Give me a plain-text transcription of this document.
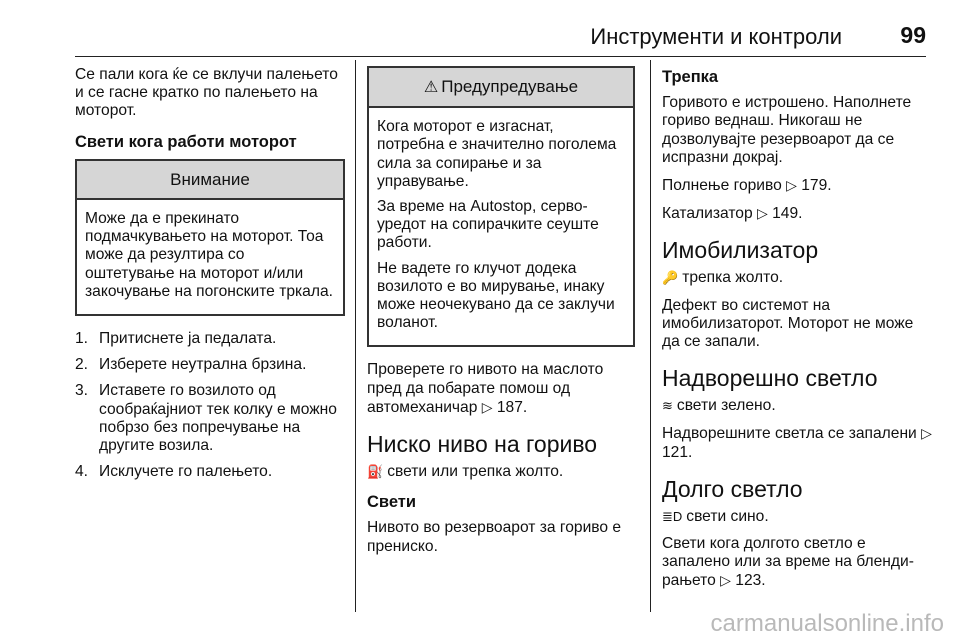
Инструменти и контроли	99

Се пали кога ќе се вклучи палењето и се гасне кратко по палењето на моторот.

Свети кога работи моторот
Внимание

Може да е прекинато подмачкувањето на моторот. Тоа може да резултира со оштетување на моторот и/или закочување на погонските тркала.

1. Притиснете ја педалата.
2. Изберете неутрална брзина.
3. Иставете го возилото од сообраќајниот тек колку е можно побрзо без попречување на другите возила.
4. Исклучете го палењето.
⚠ Предупредување

Кога моторот е изгаснат, потребна е значително поголема сила за сопирање и за управување.

За време на Autostop, серво-уредот на сопирачките сеуште работи.

Не вадете го клучот додека возилото е во мирување, инаку може неочекувано да се заклучи воланот.

Проверете го нивото на маслото пред да побарате помош од автомеханичар ▷ 187.

Ниско ниво на гориво

⛽ свети или трепка жолто.

Свети

Нивото во резервоарот за гориво е прениско.

Трепка

Горивото е истрошено. Наполнете гориво веднаш. Никогаш не дозволувајте резервоарот да се испразни докрај.

Полнење гориво ▷ 179.

Катализатор ▷ 149.

Имобилизатор

🔑 трепка жолто.

Дефект во системот на имобилизаторот. Моторот не може да се запали.

Надворешно светло

≋ свети зелено.

Надворешните светла се запалени ▷ 121.

Долго светло

≣D свети сино.

Свети кога долгото светло е запалено или за време на блендирањето ▷ 123.

carmanualsonline.info
